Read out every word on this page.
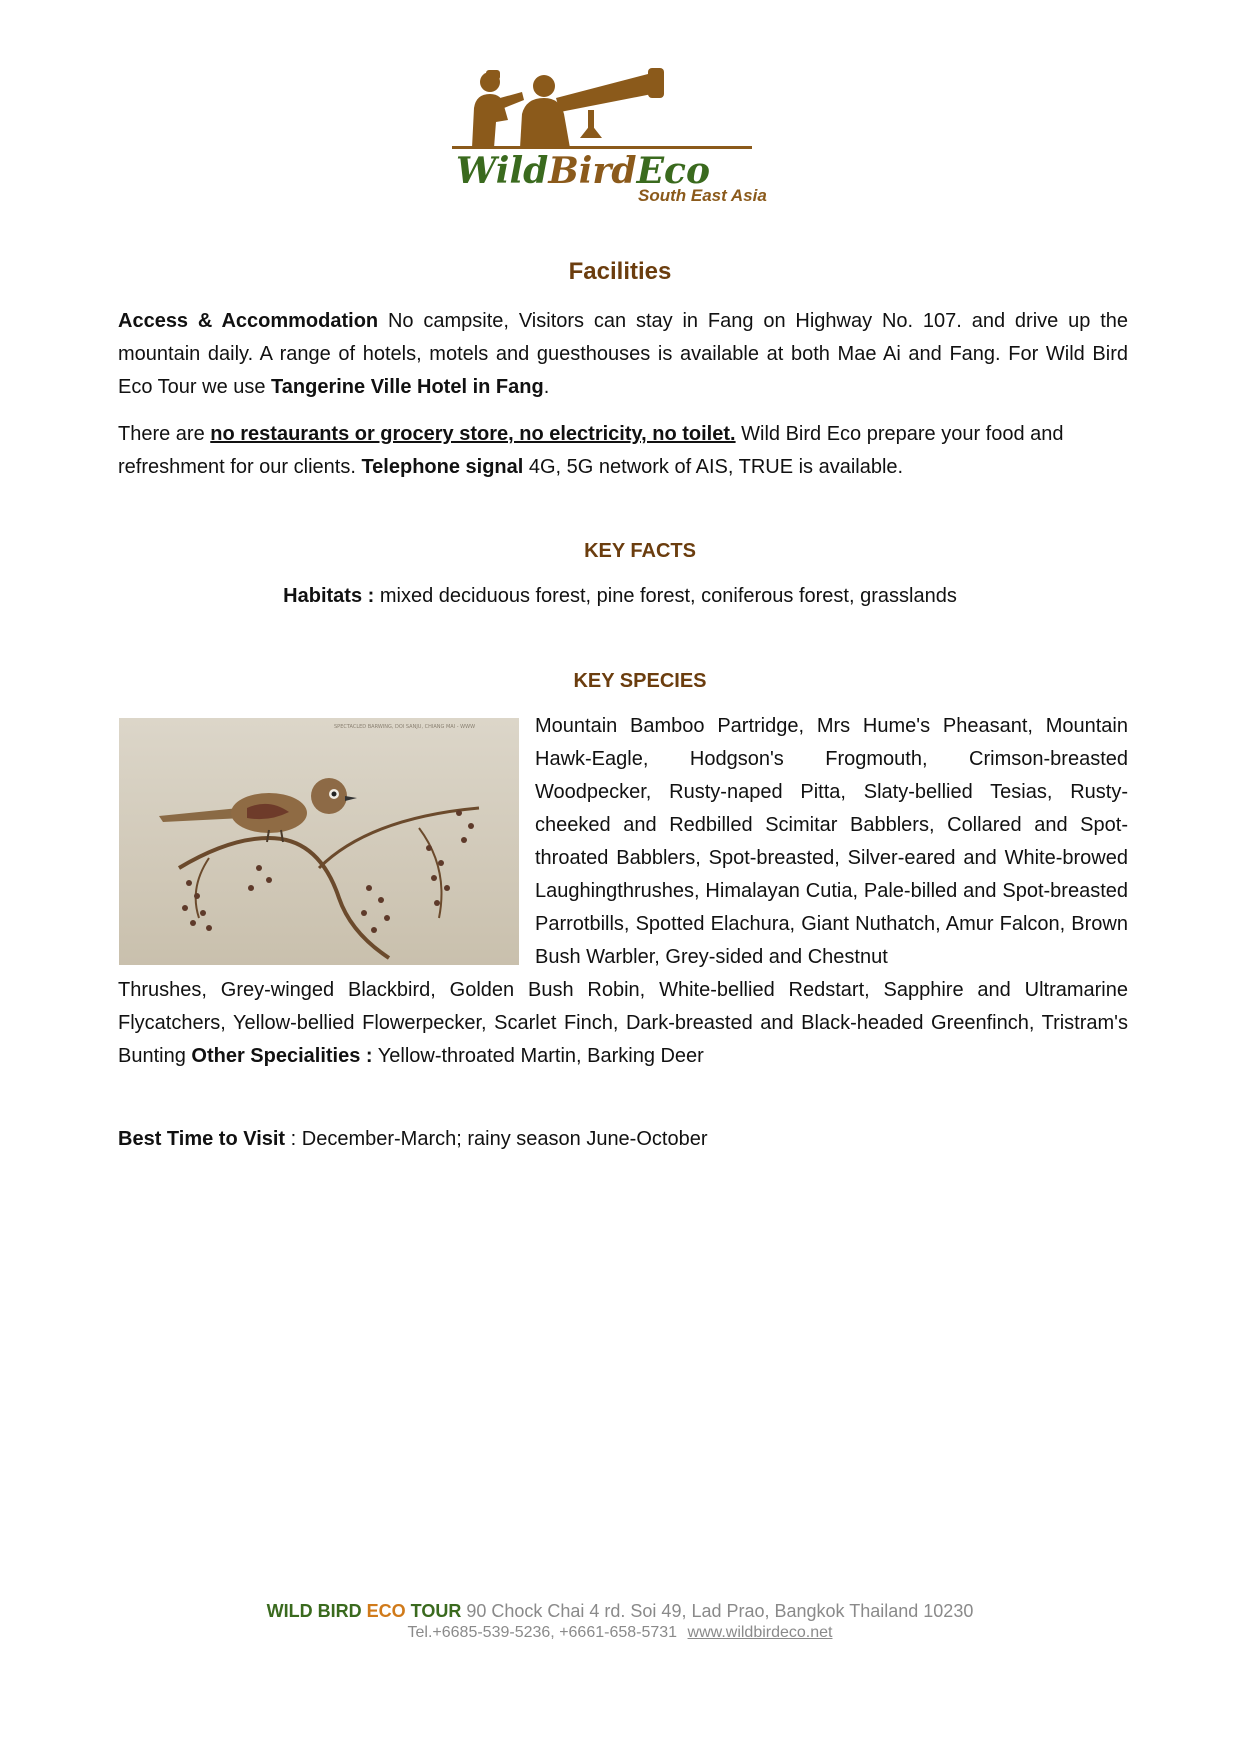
WildBirdEco
South East Asia
Facilities
Access & Accommodation No campsite, Visitors can stay in Fang on Highway No. 107. and drive up the mountain daily. A range of hotels, motels and guesthouses is available at both Mae Ai and Fang. For Wild Bird Eco Tour we use Tangerine Ville Hotel in Fang.
There are no restaurants or grocery store, no electricity, no toilet. Wild Bird Eco prepare your food and refreshment for our clients. Telephone signal 4G, 5G network of AIS, TRUE is available.
KEY FACTS
Habitats : mixed deciduous forest, pine forest, coniferous forest, grasslands
KEY SPECIES
SPECTACLED BARWING, DOI SANJU, CHIANG MAI - WWW	Mountain Bamboo Partridge, Mrs Hume's Pheasant, Mountain Hawk-Eagle, Hodgson's Frogmouth, Crimson-breasted Woodpecker, Rusty-naped Pitta, Slaty-bellied Tesias, Rusty-cheeked and Redbilled Scimitar Babblers, Collared and Spot-throated Babblers, Spot-breasted, Silver-eared and White-browed Laughingthrushes, Himalayan Cutia, Pale-billed and Spot-breasted Parrotbills, Spotted Elachura, Giant Nuthatch, Amur Falcon, Brown Bush Warbler, Grey-sided and Chestnut
Thrushes, Grey-winged Blackbird, Golden Bush Robin, White-bellied Redstart, Sapphire and Ultramarine Flycatchers, Yellow-bellied Flowerpecker, Scarlet Finch, Dark-breasted and Black-headed Greenfinch, Tristram's Bunting Other Specialities : Yellow-throated Martin, Barking Deer
Best Time to Visit : December-March; rainy season June-October
WILD BIRD ECO TOUR 90 Chock Chai 4 rd. Soi 49, Lad Prao, Bangkok Thailand 10230
Tel.+6685-539-5236, +6661-658-5731 www.wildbirdeco.net
